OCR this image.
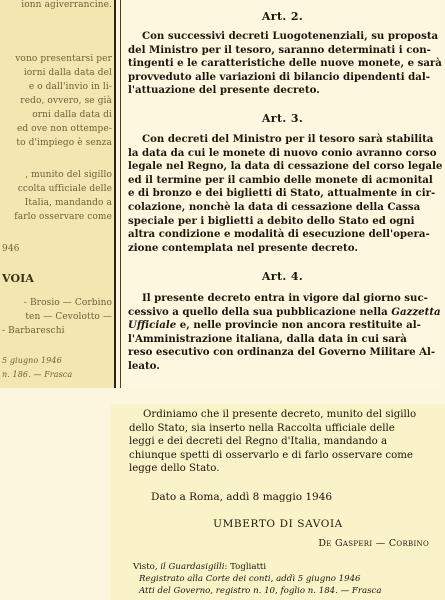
ionn agiverrancine.
vono presentarsi per
iorni dalla data del
e o dall'invio in li-
redo, ovvero, se già
orni dalla data di
ed ove non ottempe-
to d'impiego è senza
, munito del sigillo
ccolta ufficiale delle
Italia, mandando a
farlo osservare come
946
VOIA
- Brosio — Corbino
ten — Cevolotto —
- Barbareschi
5 giugno 1946
n. 186. — Frasca
Art. 2.
Con successivi decreti Luogotenenziali, su proposta
del Ministro per il tesoro, saranno determinati i con-
tingenti e le caratteristiche delle nuove monete, e sarà
provveduto alle variazioni di bilancio dipendenti dal-
l'attuazione del presente decreto.
Art. 3.
Con decreti del Ministro per il tesoro sarà stabilita
la data da cui le monete di nuovo conio avranno corso
legale nel Regno, la data di cessazione del corso legale
ed il termine per il cambio delle monete di acmonital
e di bronzo e dei biglietti di Stato, attualmente in cir-
colazione, nonchè la data di cessazione della Cassa
speciale per i biglietti a debito dello Stato ed ogni
altra condizione e modalità di esecuzione dell'opera-
zione contemplata nel presente decreto.
Art. 4.
Il presente decreto entra in vigore dal giorno suc-
cessivo a quello della sua pubblicazione nella Gazzetta
Ufficiale e, nelle provincie non ancora restituite al-
l'Amministrazione italiana, dalla data in cui sarà
reso esecutivo con ordinanza del Governo Militare Al-
leato.
Ordiniamo che il presente decreto, munito del sigillo
dello Stato, sia inserto nella Raccolta ufficiale delle
leggi e dei decreti del Regno d'Italia, mandando a
chiunque spetti di osservarlo e di farlo osservare come
legge dello Stato.
Dato a Roma, addì 8 maggio 1946
UMBERTO DI SAVOIA
De Gasperi — Corbino
Visto, il Guardasigilli: Togliatti
Registrato alla Corte dei conti, addì 5 giugno 1946
Atti del Governo, registro n. 10, foglio n. 184. — Frasca
